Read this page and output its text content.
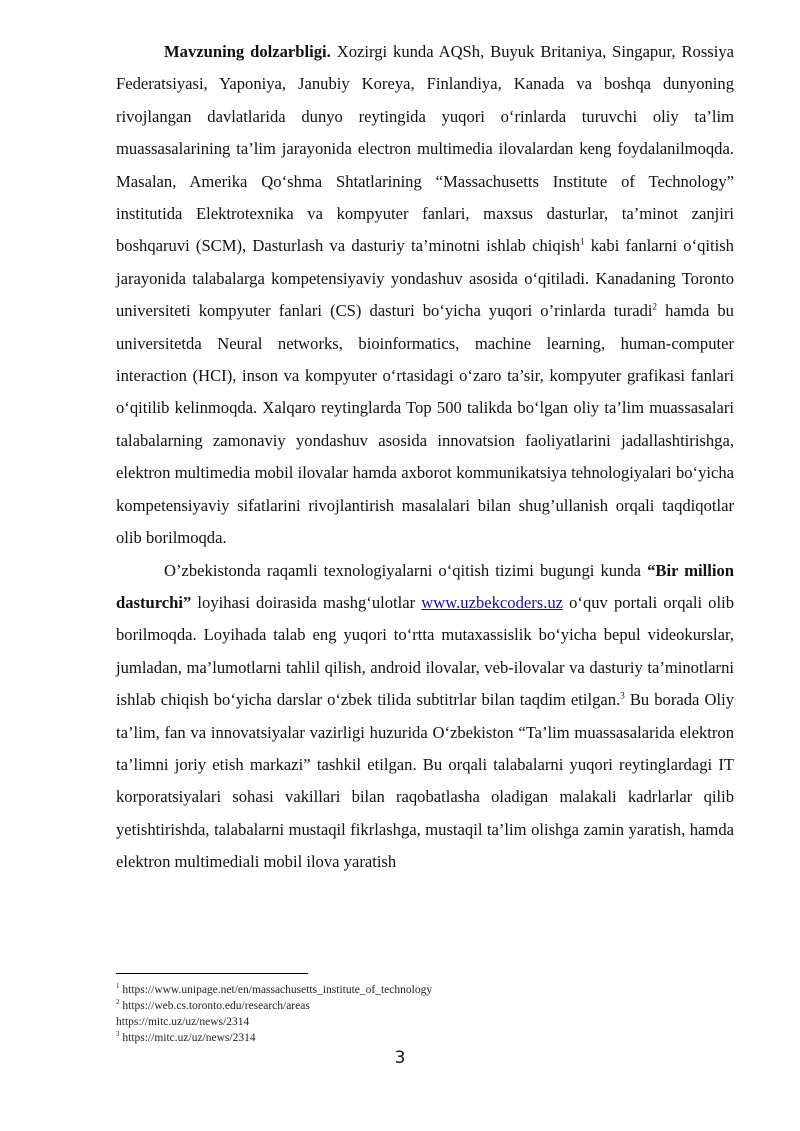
Mavzuning dolzarbligi. Xozirgi kunda AQSh, Buyuk Britaniya, Singapur, Rossiya Federatsiyasi, Yaponiya, Janubiy Koreya, Finlandiya, Kanada va boshqa dunyoning rivojlangan davlatlarida dunyo reytingida yuqori o‘rinlarda turuvchi oliy ta’lim muassasalarining ta’lim jarayonida electron multimedia ilovalardan keng foydalanilmoqda. Masalan, Amerika Qo‘shma Shtatlarining “Massachusetts Institute of Technology” institutida Elektrotexnika va kompyuter fanlari, maxsus dasturlar, ta’minot zanjiri boshqaruvi (SCM), Dasturlash va dasturiy ta’minotni ishlab chiqish$^1$ kabi fanlarni o‘qitish jarayonida talabalarga kompetensiyaviy yondashuv asosida o‘qitiladi. Kanadaning Toronto universiteti kompyuter fanlari (CS) dasturi bo‘yicha yuqori o’rinlarda turadi$^2$ hamda bu universitetda Neural networks, bioinformatics, machine learning, human-computer interaction (HCI), inson va kompyuter o‘rtasidagi o‘zaro ta’sir, kompyuter grafikasi fanlari o‘qitilib kelinmoqda. Xalqaro reytinglarda Top 500 talikda bo‘lgan oliy ta’lim muassasalari talabalarning zamonaviy yondashuv asosida innovatsion faoliyatlarini jadallashtirishga, elektron multimedia mobil ilovalar hamda axborot kommunikatsiya tehnologiyalari bo‘yicha kompetensiyaviy sifatlarini rivojlantirish masalalari bilan shug’ullanish orqali taqdiqotlar olib borilmoqda.

O’zbekistonda raqamli texnologiyalarni o‘qitish tizimi bugungi kunda “Bir million dasturchi” loyihasi doirasida mashg‘ulotlar www.uzbekcoders.uz o‘quv portali orqali olib borilmoqda. Loyihada talab eng yuqori to‘rtta mutaxassislik bo‘yicha bepul videokurslar, jumladan, ma’lumotlarni tahlil qilish, android ilovalar, veb-ilovalar va dasturiy ta’minotlarni ishlab chiqish bo‘yicha darslar o‘zbek tilida subtitrlar bilan taqdim etilgan.$^3$ Bu borada Oliy ta’lim, fan va innovatsiyalar vazirligi huzurida O‘zbekiston “Ta’lim muassasalarida elektron ta’limni joriy etish markazi” tashkil etilgan. Bu orqali talabalarni yuqori reytinglardagi IT korporatsiyalari sohasi vakillari bilan raqobatlasha oladigan malakali kadrlarlar qilib yetishtirishda, talabalarni mustaqil fikrlashga, mustaqil ta’lim olishga zamin yaratish, hamda elektron multimediali mobil ilova yaratish

$^1$ https://www.unipage.net/en/massachusetts_institute_of_technology
$^2$ https://web.cs.toronto.edu/research/areas
https://mitc.uz/uz/news/2314
$^3$ https://mitc.uz/uz/news/2314
3
